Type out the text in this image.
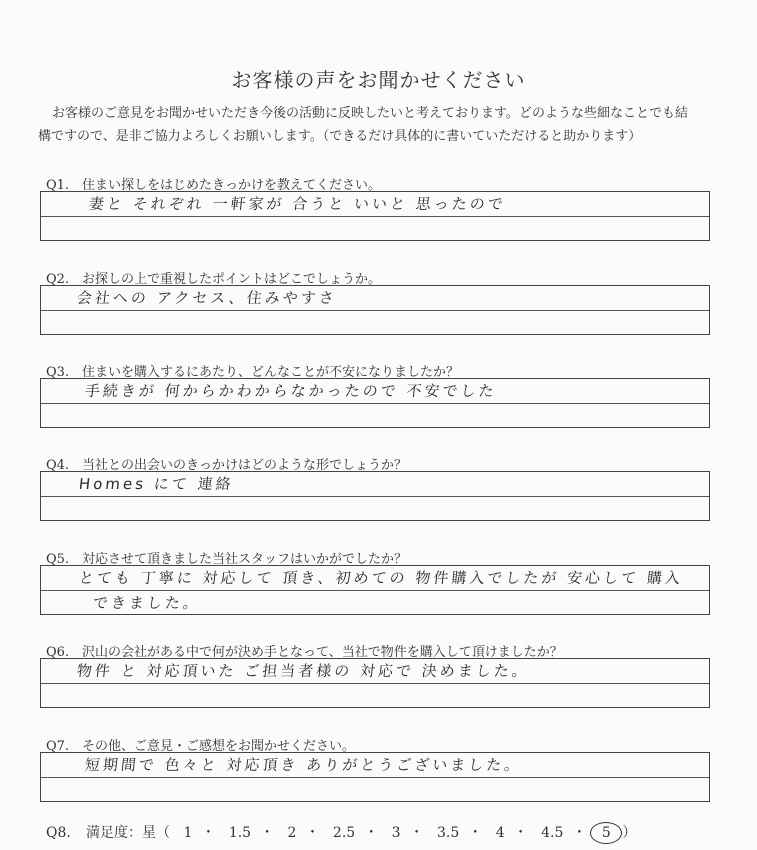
お客様の声をお聞かせください

お客様のご意見をお聞かせいただき今後の活動に反映したいと考えております。どのような些細なことでも結

構ですので、是非ご協力よろしくお願いします。（できるだけ具体的に書いていただけると助かります）

Q1. 住まい探しをはじめたきっかけを教えてください。
妻と それぞれ 一軒家が 合うと いいと 思ったので
Q2. お探しの上で重視したポイントはどこでしょうか。
会社への アクセス、住みやすさ
Q3. 住まいを購入するにあたり、どんなことが不安になりましたか？
手続きが 何からかわからなかったので 不安でした
Q4. 当社との出会いのきっかけはどのような形でしょうか？
Homes にて 連絡
Q5. 対応させて頂きました当社スタッフはいかがでしたか？
とても 丁寧に 対応して 頂き、初めての 物件購入でしたが 安心して 購入
できました。
Q6. 沢山の会社がある中で何が決め手となって、当社で物件を購入して頂けましたか？
物件 と 対応頂いた ご担当者様の 対応で 決めました。
Q7. その他、ご意見・ご感想をお聞かせください。
短期間で 色々と 対応頂き ありがとうございました。
Q8. 満足度：星（ 1 ・ 1.5 ・ 2 ・ 2.5 ・ 3 ・ 3.5 ・ 4 ・ 4.5 ・ 5 ）
